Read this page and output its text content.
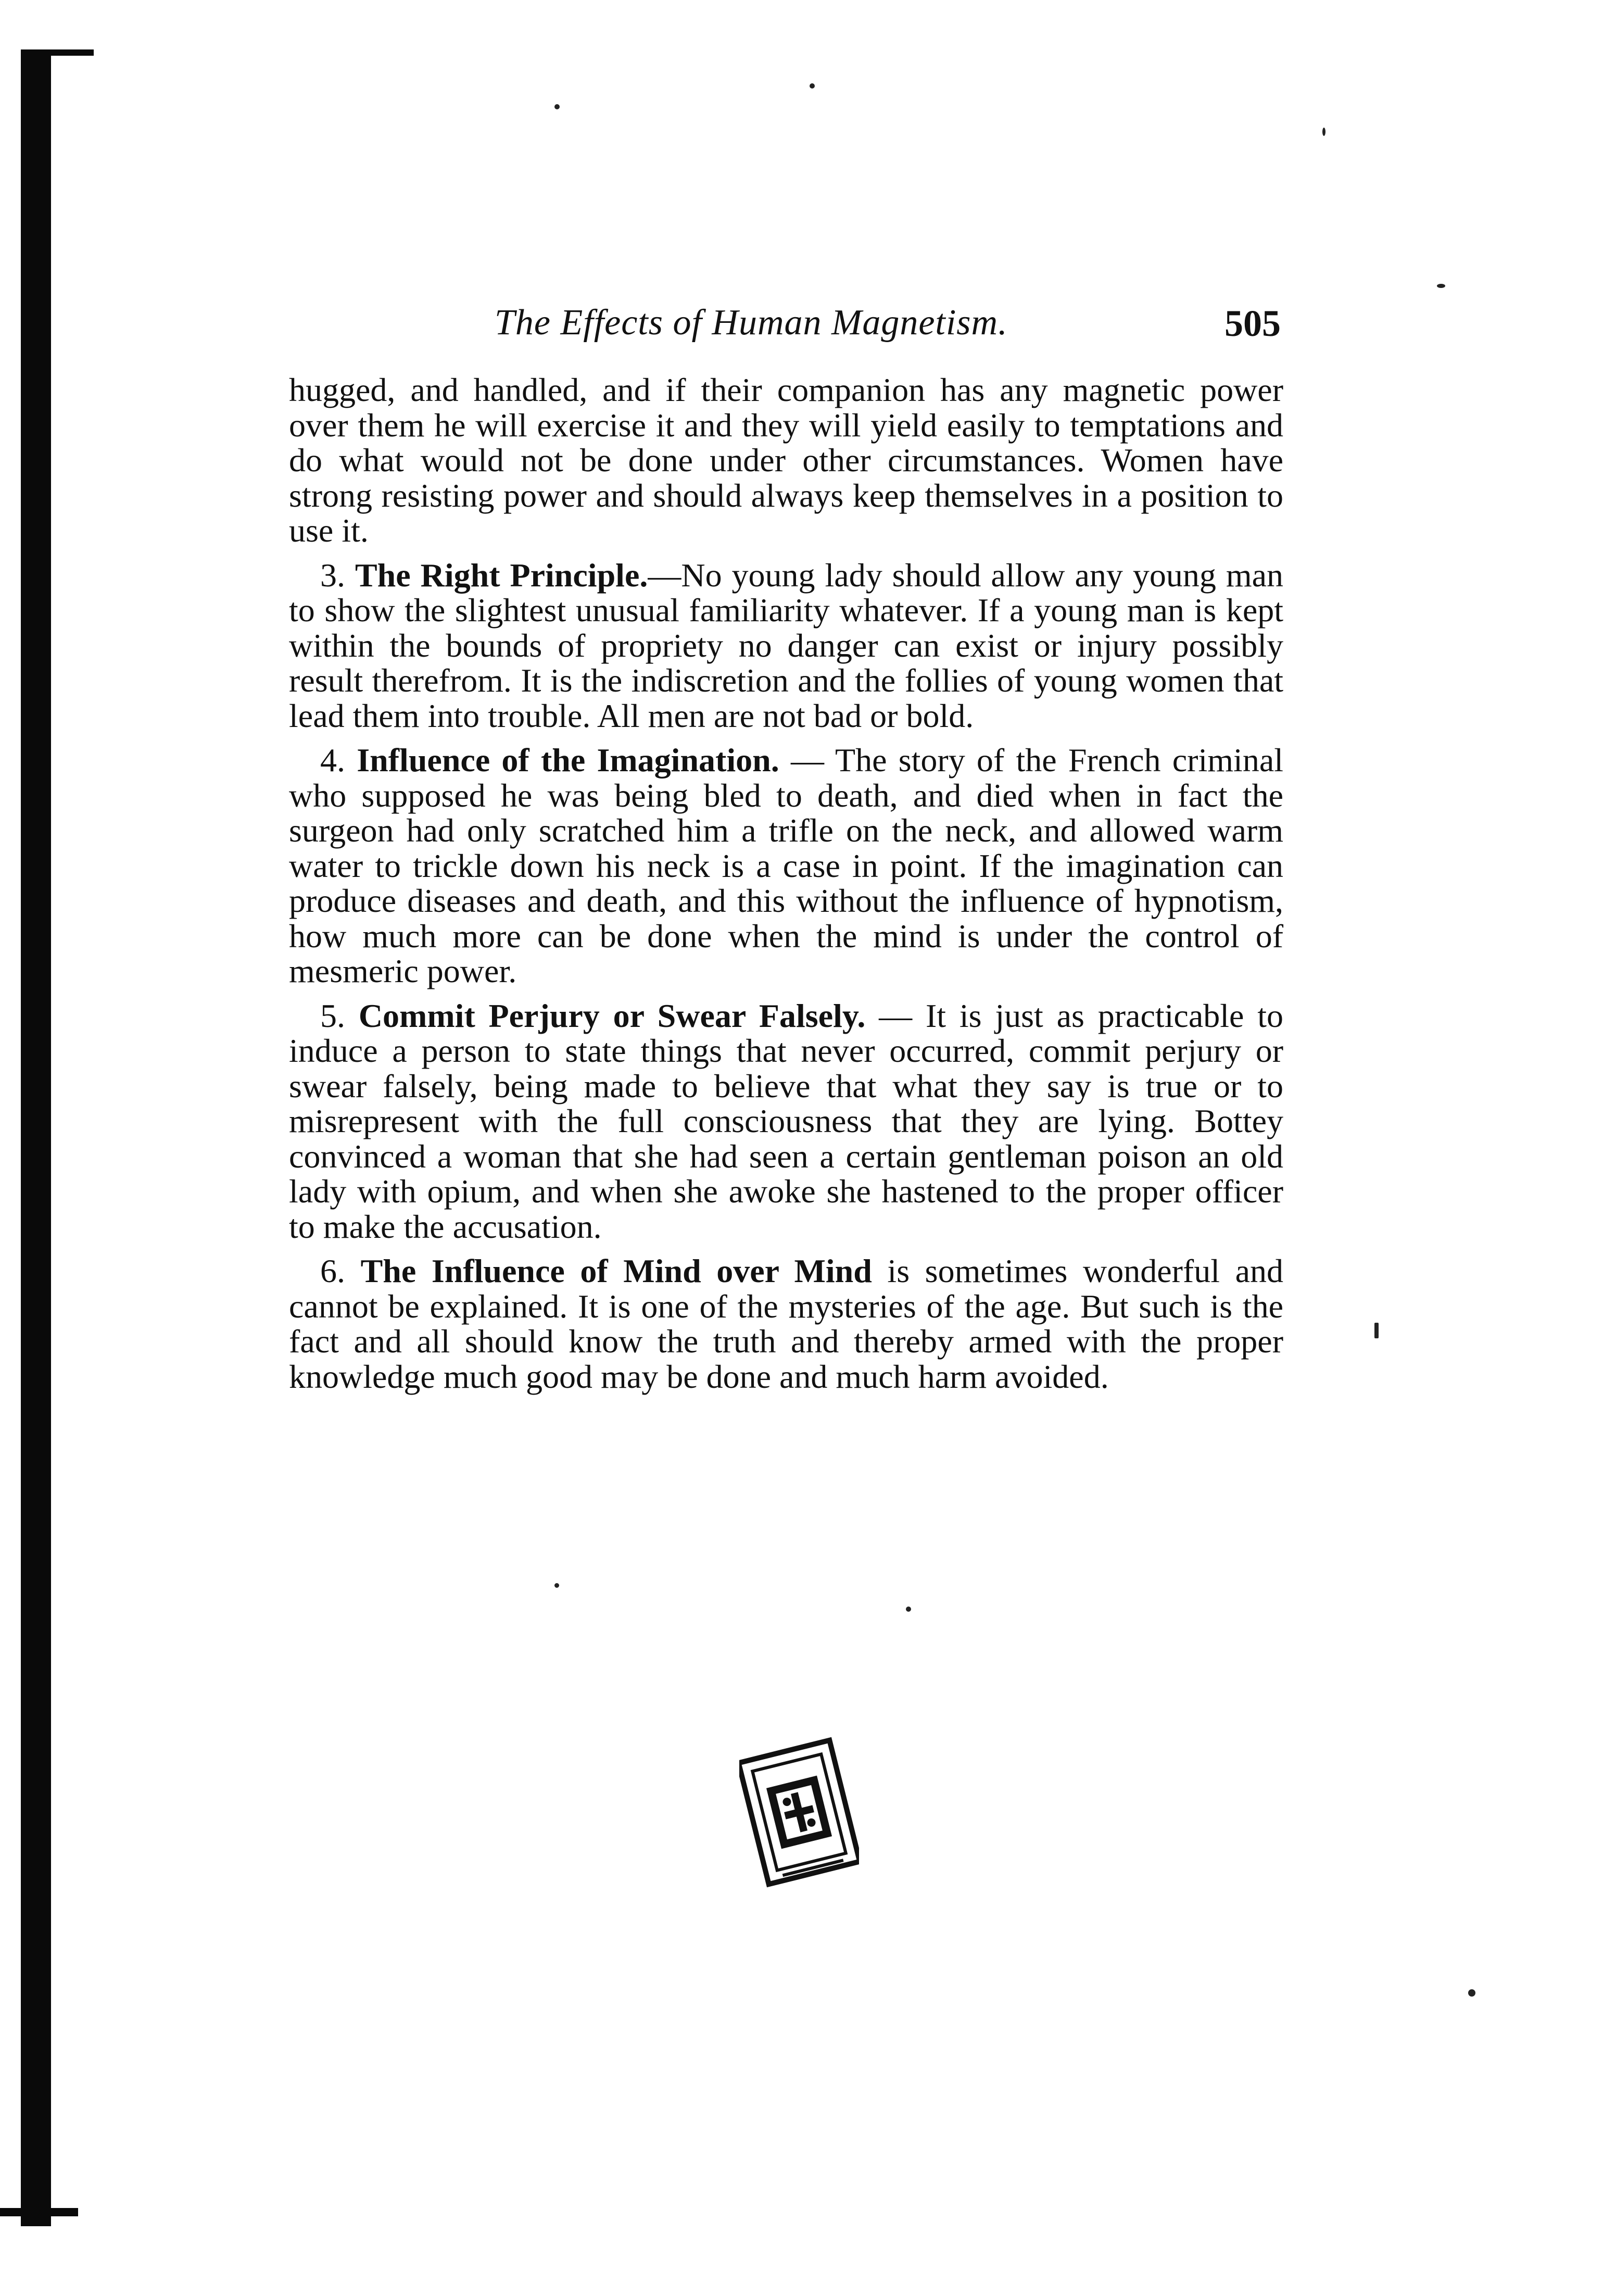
The Effects of Human Magnetism.	505

hugged, and handled, and if their companion has any magnetic power over them he will exercise it and they will yield easily to temptations and do what would not be done under other circumstances. Women have strong resisting power and should always keep themselves in a position to use it.

3. The Right Principle.—No young lady should allow any young man to show the slightest unusual familiarity whatever. If a young man is kept within the bounds of propriety no danger can exist or injury possibly result therefrom. It is the indiscretion and the follies of young women that lead them into trouble. All men are not bad or bold.

4. Influence of the Imagination. — The story of the French criminal who supposed he was being bled to death, and died when in fact the surgeon had only scratched him a trifle on the neck, and allowed warm water to trickle down his neck is a case in point. If the imagination can produce diseases and death, and this without the influence of hypnotism, how much more can be done when the mind is under the control of mesmeric power.

5. Commit Perjury or Swear Falsely. — It is just as practicable to induce a person to state things that never occurred, commit perjury or swear falsely, being made to believe that what they say is true or to misrepresent with the full consciousness that they are lying. Bottey convinced a woman that she had seen a certain gentleman poison an old lady with opium, and when she awoke she hastened to the proper officer to make the accusation.

6. The Influence of Mind over Mind is sometimes wonderful and cannot be explained. It is one of the mysteries of the age. But such is the fact and all should know the truth and thereby armed with the proper knowledge much good may be done and much harm avoided.
